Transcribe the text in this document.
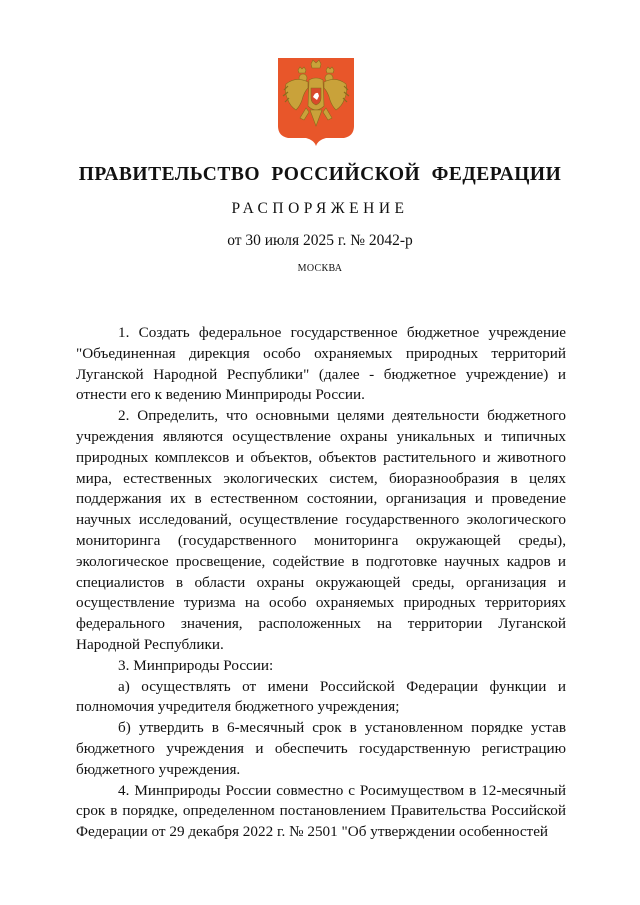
ПРАВИТЕЛЬСТВО РОССИЙСКОЙ ФЕДЕРАЦИИ
РАСПОРЯЖЕНИЕ
от 30 июля 2025 г. № 2042-р
МОСКВА

1. Создать федеральное государственное бюджетное учреждение "Объединенная дирекция особо охраняемых природных территорий Луганской Народной Республики" (далее - бюджетное учреждение) и отнести его к ведению Минприроды России.

2. Определить, что основными целями деятельности бюджетного учреждения являются осуществление охраны уникальных и типичных природных комплексов и объектов, объектов растительного и животного мира, естественных экологических систем, биоразнообразия в целях поддержания их в естественном состоянии, организация и проведение научных исследований, осуществление государственного экологического мониторинга (государственного мониторинга окружающей среды), экологическое просвещение, содействие в подготовке научных кадров и специалистов в области охраны окружающей среды, организация и осуществление туризма на особо охраняемых природных территориях федерального значения, расположенных на территории Луганской Народной Республики.

3. Минприроды России:

а) осуществлять от имени Российской Федерации функции и полномочия учредителя бюджетного учреждения;

б) утвердить в 6-месячный срок в установленном порядке устав бюджетного учреждения и обеспечить государственную регистрацию бюджетного учреждения.

4. Минприроды России совместно с Росимуществом в 12-месячный срок в порядке, определенном постановлением Правительства Российской Федерации от 29 декабря 2022 г. № 2501 "Об утверждении особенностей
